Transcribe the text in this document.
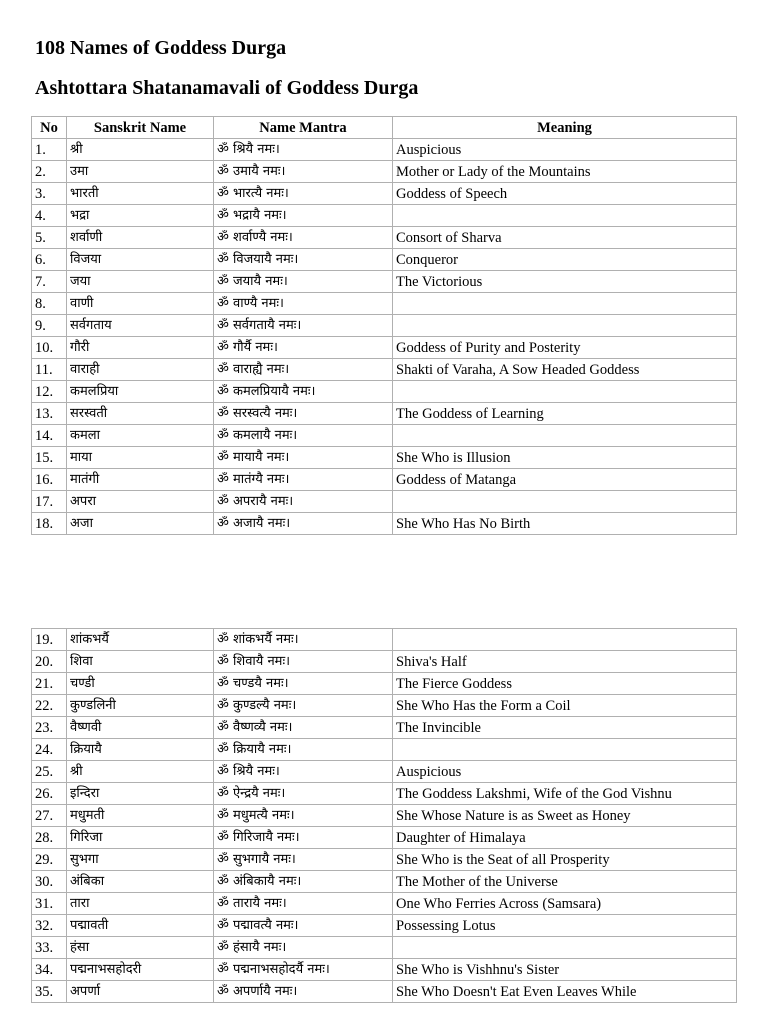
108 Names of Goddess Durga
Ashtottara Shatanamavali of Goddess Durga
No	Sanskrit Name	Name Mantra	Meaning
1.	श्री	ॐ श्रियै नमः।	Auspicious
2.	उमा	ॐ उमायै नमः।	Mother or Lady of the Mountains
3.	भारती	ॐ भारत्यै नमः।	Goddess of Speech
4.	भद्रा	ॐ भद्रायै नमः।	
5.	शर्वाणी	ॐ शर्वाण्यै नमः।	Consort of Sharva
6.	विजया	ॐ विजयायै नमः।	Conqueror
7.	जया	ॐ जयायै नमः।	The Victorious
8.	वाणी	ॐ वाण्यै नमः।	
9.	सर्वगताय	ॐ सर्वगतायै नमः।	
10.	गौरी	ॐ गौर्यै नमः।	Goddess of Purity and Posterity
11.	वाराही	ॐ वाराह्यै नमः।	Shakti of Varaha, A Sow Headed Goddess
12.	कमलप्रिया	ॐ कमलप्रियायै नमः।	
13.	सरस्वती	ॐ सरस्वत्यै नमः।	The Goddess of Learning
14.	कमला	ॐ कमलायै नमः।	
15.	माया	ॐ मायायै नमः।	She Who is Illusion
16.	मातंगी	ॐ मातंग्यै नमः।	Goddess of Matanga
17.	अपरा	ॐ अपरायै नमः।	
18.	अजा	ॐ अजायै नमः।	She Who Has No Birth
19.	शांकभर्यै	ॐ शांकभर्यै नमः।	
20.	शिवा	ॐ शिवायै नमः।	Shiva's Half
21.	चण्डी	ॐ चण्डयै नमः।	The Fierce Goddess
22.	कुण्डलिनी	ॐ कुण्डल्यै नमः।	She Who Has the Form a Coil
23.	वैष्णवी	ॐ वैष्णव्यै नमः।	The Invincible
24.	क्रियायै	ॐ क्रियायै नमः।	
25.	श्री	ॐ श्रियै नमः।	Auspicious
26.	इन्दिरा	ॐ ऐन्द्रयै नमः।	The Goddess Lakshmi, Wife of the God Vishnu
27.	मधुमती	ॐ मधुमत्यै नमः।	She Whose Nature is as Sweet as Honey
28.	गिरिजा	ॐ गिरिजायै नमः।	Daughter of Himalaya
29.	सुभगा	ॐ सुभगायै नमः।	She Who is the Seat of all Prosperity
30.	अंबिका	ॐ अंबिकायै नमः।	The Mother of the Universe
31.	तारा	ॐ तारायै नमः।	One Who Ferries Across (Samsara)
32.	पद्मावती	ॐ पद्मावत्यै नमः।	Possessing Lotus
33.	हंसा	ॐ हंसायै नमः।	
34.	पद्मनाभसहोदरी	ॐ पद्मनाभसहोदर्यै नमः।	She Who is Vishhnu's Sister
35.	अपर्णा	ॐ अपर्णायै नमः।	She Who Doesn't Eat Even Leaves While
